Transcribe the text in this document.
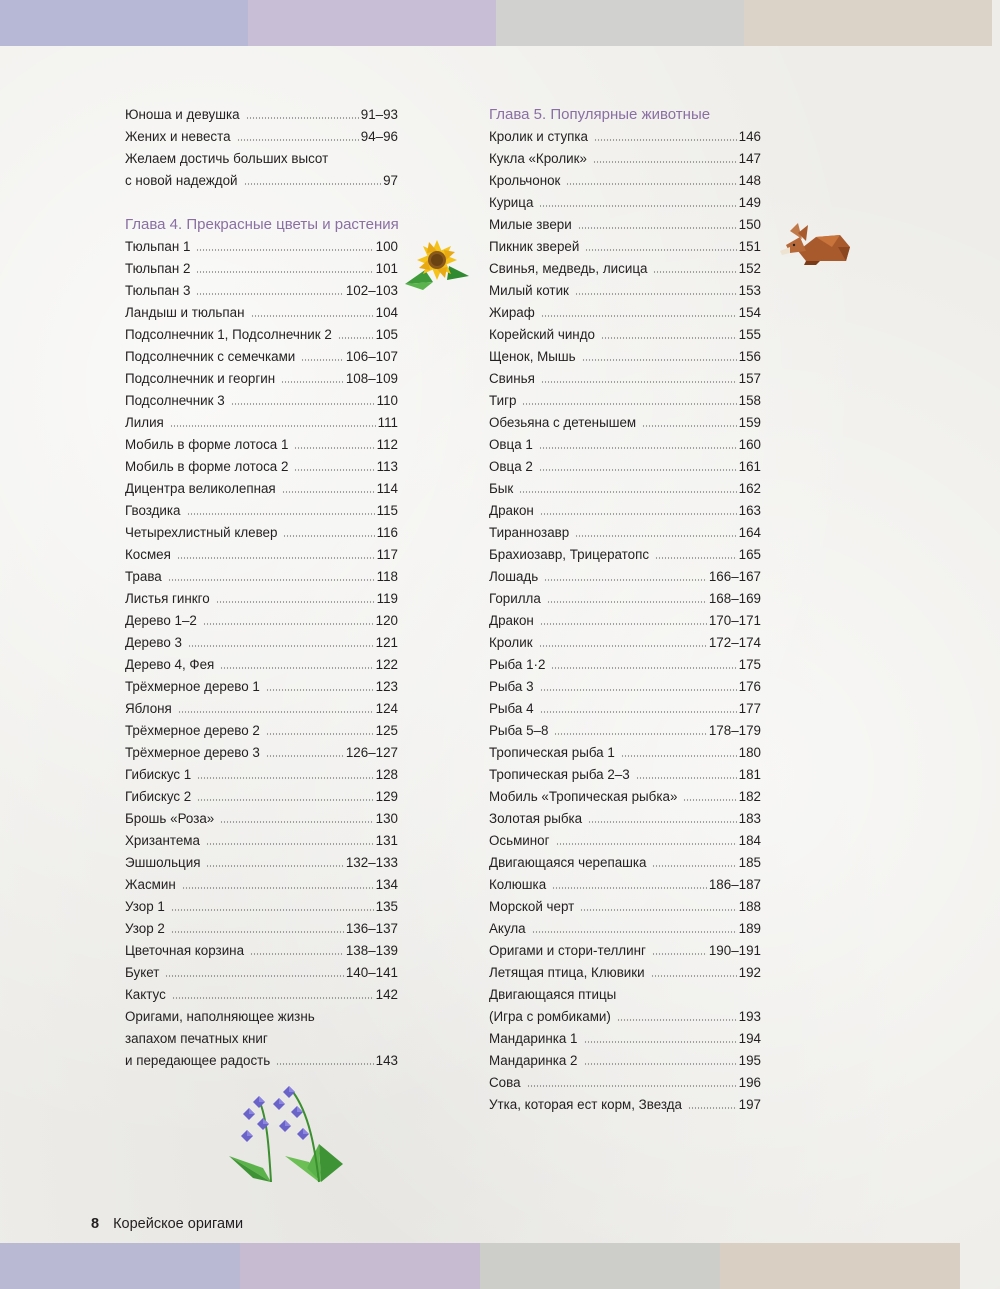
Юноша и девушка	91–93
Жених и невеста	94–96
Желаем достичь больших высот
с новой надеждой	97
Глава 4. Прекрасные цветы и растения
Тюльпан 1	100
Тюльпан 2	101
Тюльпан 3	102–103
Ландыш и тюльпан	104
Подсолнечник 1, Подсолнечник 2	105
Подсолнечник с семечками	106–107
Подсолнечник и георгин	108–109
Подсолнечник 3	110
Лилия	111
Мобиль в форме лотоса 1	112
Мобиль в форме лотоса 2	113
Дицентра великолепная	114
Гвоздика	115
Четырехлистный клевер	116
Космея	117
Трава	118
Листья гинкго	119
Дерево 1–2	120
Дерево 3	121
Дерево 4, Фея	122
Трёхмерное дерево 1	123
Яблоня	124
Трёхмерное дерево 2	125
Трёхмерное дерево 3	126–127
Гибискус 1	128
Гибискус 2	129
Брошь «Роза»	130
Хризантема	131
Эшшольция	132–133
Жасмин	134
Узор 1	135
Узор 2	136–137
Цветочная корзина	138–139
Букет	140–141
Кактус	142
Оригами, наполняющее жизнь
запахом печатных книг
и передающее радость	143
Глава 5. Популярные животные
Кролик и ступка	146
Кукла «Кролик»	147
Крольчонок	148
Курица	149
Милые звери	150
Пикник зверей	151
Свинья, медведь, лисица	152
Милый котик	153
Жираф	154
Корейский чиндо	155
Щенок, Мышь	156
Свинья	157
Тигр	158
Обезьяна с детенышем	159
Овца 1	160
Овца 2	161
Бык	162
Дракон	163
Тираннозавр	164
Брахиозавр, Трицератопс	165
Лошадь	166–167
Горилла	168–169
Дракон	170–171
Кролик	172–174
Рыба 1·2	175
Рыба 3	176
Рыба 4	177
Рыба 5–8	178–179
Тропическая рыба 1	180
Тропическая рыба 2–3	181
Мобиль «Тропическая рыбка»	182
Золотая рыбка	183
Осьминог	184
Двигающаяся черепашка	185
Колюшка	186–187
Морской черт	188
Акула	189
Оригами и стори-теллинг	190–191
Летящая птица, Клювики	192
Двигающаяся птицы
(Игра с ромбиками)	193
Мандаринка 1	194
Мандаринка 2	195
Сова	196
Утка, которая ест корм, Звезда	197
8 Корейское оригами
